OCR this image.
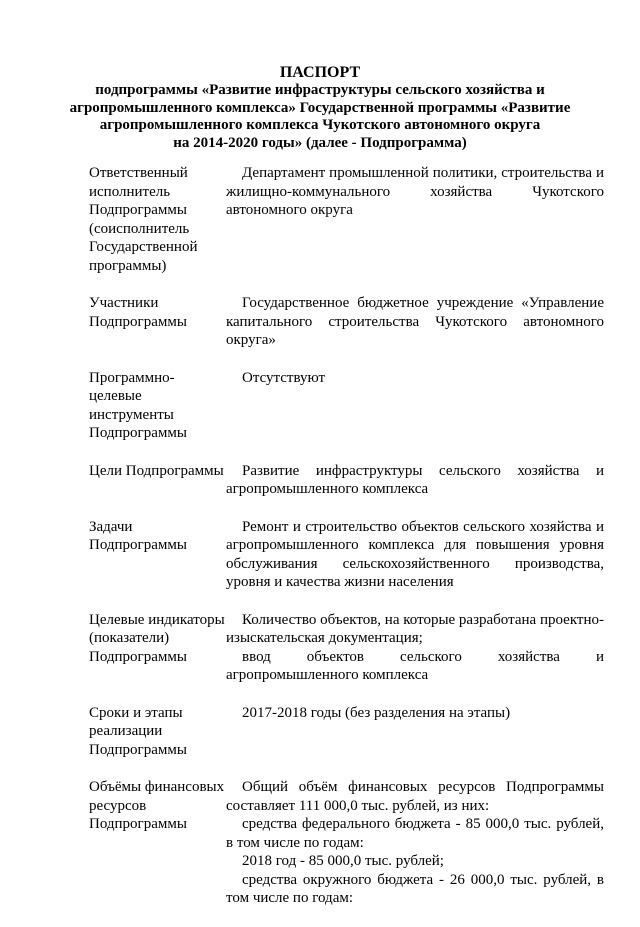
ПАСПОРТ
подпрограммы «Развитие инфраструктуры сельского хозяйства и
агропромышленного комплекса» Государственной программы «Развитие
агропромышленного комплекса Чукотского автономного округа
на 2014-2020 годы» (далее - Подпрограмма)
Ответственный исполнитель Подпрограммы (соисполнитель Государственной программы)	Департамент промышленной политики, строительства и жилищно-коммунального хозяйства Чукотского автономного округа

Участники Подпрограммы	Государственное бюджетное учреждение «Управление капитального строительства Чукотского автономного округа»

Программно-целевые инструменты Подпрограммы	Отсутствуют

Цели Подпрограммы	Развитие инфраструктуры сельского хозяйства и агропромышленного комплекса

Задачи Подпрограммы	Ремонт и строительство объектов сельского хозяйства и агропромышленного комплекса для повышения уровня обслуживания сельскохозяйственного производства, уровня и качества жизни населения

Целевые индикаторы (показатели) Подпрограммы	Количество объектов, на которые разработана проектно-изыскательская документация;

ввод объектов сельского хозяйства и агропромышленного комплекса

Сроки и этапы реализации Подпрограммы	2017-2018 годы (без разделения на этапы)

Объёмы финансовых ресурсов Подпрограммы	Общий объём финансовых ресурсов Подпрограммы составляет 111 000,0 тыс. рублей, из них:

средства федерального бюджета - 85 000,0 тыс. рублей, в том числе по годам:

2018 год - 85 000,0 тыс. рублей;

средства окружного бюджета - 26 000,0 тыс. рублей, в том числе по годам:
